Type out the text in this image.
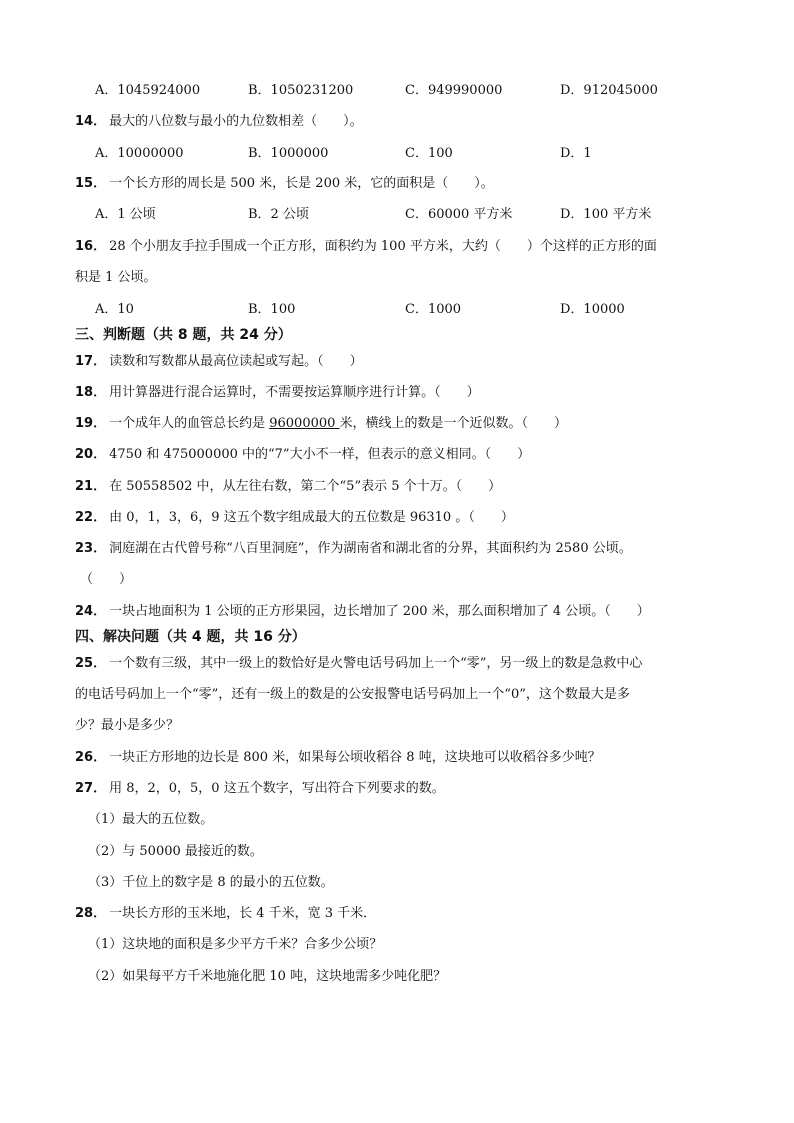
A．1045924000	B．1050231200	C．949990000	D．912045000
14． 最大的八位数与最小的九位数相差（　　）。
A．10000000	B．1000000	C．100	D．1
15． 一个长方形的周长是 500 米，长是 200 米，它的面积是（　　）。
A．1 公顷	B．2 公顷	C．60000 平方米	D．100 平方米
16． 28 个小朋友手拉手围成一个正方形，面积约为 100 平方米，大约（　　）个这样的正方形的面
积是 1 公顷。
A．10	B．100	C．1000	D．10000
三、判断题（共 8 题，共 24 分）
17． 读数和写数都从最高位读起或写起。（　　）
18． 用计算器进行混合运算时，不需要按运算顺序进行计算。（　　）
19． 一个成年人的血管总长约是 96000000 米，横线上的数是一个近似数。（　　）
20． 4750 和 475000000 中的“7”大小不一样，但表示的意义相同。（　　）
21． 在 50558502 中，从左往右数，第二个“5”表示 5 个十万。（　　）
22． 由 0，1，3，6，9 这五个数字组成最大的五位数是 96310 。（　　）
23． 洞庭湖在古代曾号称“八百里洞庭”，作为湖南省和湖北省的分界，其面积约为 2580 公顷。
（　　）
24． 一块占地面积为 1 公顷的正方形果园，边长增加了 200 米，那么面积增加了 4 公顷。（　　）
四、解决问题（共 4 题，共 16 分）
25． 一个数有三级，其中一级上的数恰好是火警电话号码加上一个“零”，另一级上的数是急救中心
的电话号码加上一个“零”，还有一级上的数是的公安报警电话号码加上一个“0”，这个数最大是多
少？最小是多少？
26． 一块正方形地的边长是 800 米，如果每公顷收稻谷 8 吨，这块地可以收稻谷多少吨？
27． 用 8，2，0，5，0 这五个数字，写出符合下列要求的数。
（1）最大的五位数。
（2）与 50000 最接近的数。
（3）千位上的数字是 8 的最小的五位数。
28． 一块长方形的玉米地，长 4 千米，宽 3 千米．
（1）这块地的面积是多少平方千米？合多少公顷？
（2）如果每平方千米地施化肥 10 吨，这块地需多少吨化肥？
